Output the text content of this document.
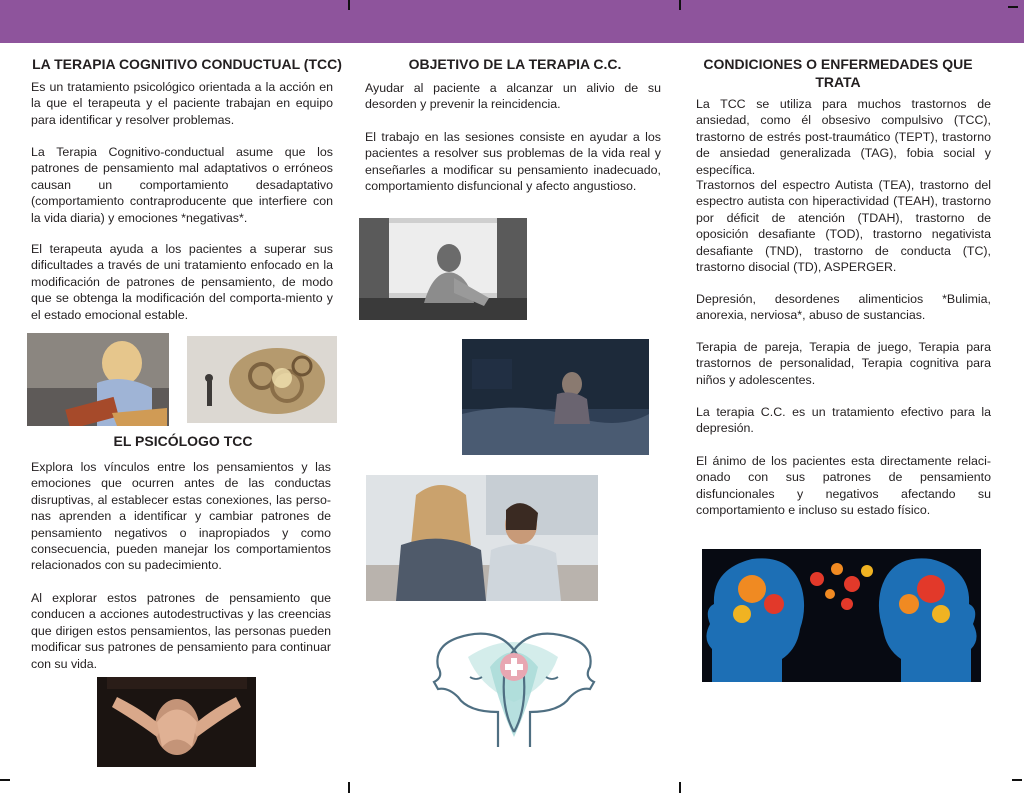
LA TERAPIA COGNITIVO CONDUCTUAL (TCC)

Es un tratamiento psicológico orientada a la acción en la que el terapeuta y el paciente trabajan en equipo para identificar y resolver problemas.

La Terapia Cognitivo-conductual asume que los patrones de pensamiento mal adaptativos o erróneos causan un comportamiento desadaptativo (comportamiento contraproducente que interfiere con la vida diaria) y emociones *negativas*.

El terapeuta ayuda a los pacientes a superar sus dificultades a través de uni tratamiento enfocado en la modificación de patrones de pensamiento, de modo que se obtenga la modificación del comporta-miento y el estado emocional estable.

EL PSICÓLOGO TCC

Explora los vínculos entre los pensamientos y las emociones que ocurren antes de las conductas disruptivas, al establecer estas conexiones, las perso-nas aprenden a identificar y cambiar patrones de pensamiento negativos o inapropiados y como consecuencia, pueden manejar los comportamientos relacionados con su padecimiento.

Al explorar estos patrones de pensamiento que conducen a acciones autodestructivas y las creencias que dirigen estos pensamientos, las personas pueden modificar sus patrones de pensamiento para continuar con su vida.

OBJETIVO DE LA TERAPIA C.C.

Ayudar al paciente a alcanzar un alivio de su desorden y prevenir la reincidencia.

El trabajo en las sesiones consiste en ayudar a los pacientes a resolver sus problemas de la vida real y enseñarles a modificar su pensamiento inadecuado, comportamiento disfuncional y afecto angustioso.

CONDICIONES O ENFERMEDADES QUE TRATA

La TCC se utiliza para muchos trastornos de ansiedad, como él obsesivo compulsivo (TCC), trastorno de estrés post-traumático (TEPT), trastorno de ansiedad generalizada (TAG), fobia social y específica.

Trastornos del espectro Autista (TEA), trastorno del espectro autista con hiperactividad (TEAH), trastorno por déficit de atención (TDAH), trastorno de oposición desafiante (TOD), trastorno negativista desafiante (TND), trastorno de conducta (TC), trastorno disocial (TD), ASPERGER.

Depresión, desordenes alimenticios *Bulimia, anorexia, nerviosa*, abuso de sustancias.

Terapia de pareja, Terapia de juego, Terapia para trastornos de personalidad, Terapia cognitiva para niños y adolescentes.

La terapia C.C. es un tratamiento efectivo para la depresión.

El ánimo de los pacientes esta directamente relaci-onado con sus patrones de pensamiento disfuncionales y negativos afectando su comportamiento e incluso su estado físico.
